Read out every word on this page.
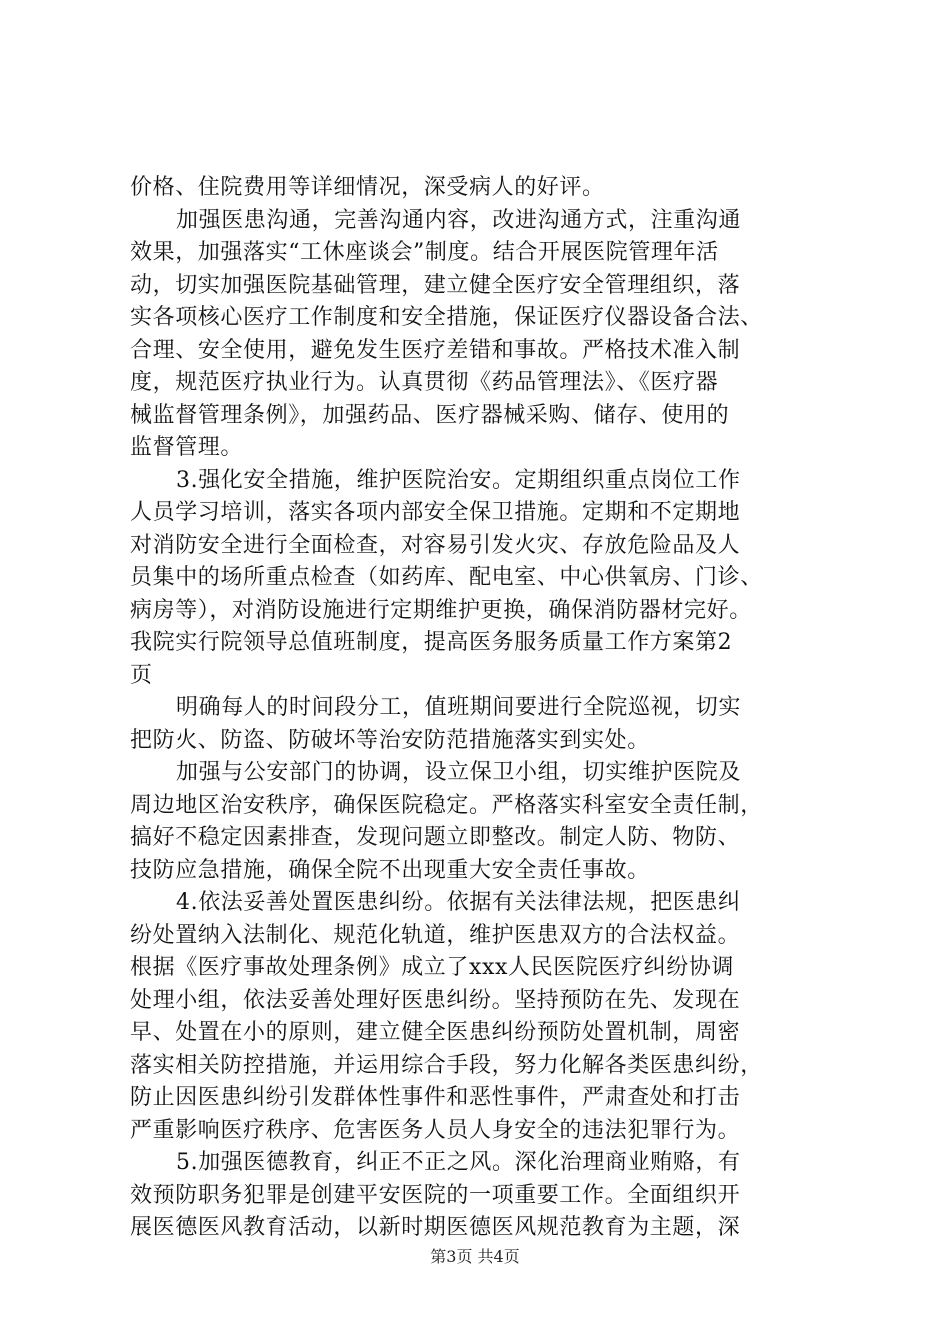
价格、住院费用等详细情况，深受病人的好评。
加强医患沟通，完善沟通内容，改进沟通方式，注重沟通
效果，加强落实“工休座谈会”制度。结合开展医院管理年活
动，切实加强医院基础管理，建立健全医疗安全管理组织，落
实各项核心医疗工作制度和安全措施，保证医疗仪器设备合法、
合理、安全使用，避免发生医疗差错和事故。严格技术准入制
度，规范医疗执业行为。认真贯彻《药品管理法》、《医疗器
械监督管理条例》，加强药品、医疗器械采购、储存、使用的
监督管理。
3.强化安全措施，维护医院治安。定期组织重点岗位工作
人员学习培训，落实各项内部安全保卫措施。定期和不定期地
对消防安全进行全面检查，对容易引发火灾、存放危险品及人
员集中的场所重点检查（如药库、配电室、中心供氧房、门诊、
病房等），对消防设施进行定期维护更换，确保消防器材完好。
我院实行院领导总值班制度，提高医务服务质量工作方案第2
页
明确每人的时间段分工，值班期间要进行全院巡视，切实
把防火、防盗、防破坏等治安防范措施落实到实处。
加强与公安部门的协调，设立保卫小组，切实维护医院及
周边地区治安秩序，确保医院稳定。严格落实科室安全责任制，
搞好不稳定因素排查，发现问题立即整改。制定人防、物防、
技防应急措施，确保全院不出现重大安全责任事故。
4.依法妥善处置医患纠纷。依据有关法律法规，把医患纠
纷处置纳入法制化、规范化轨道，维护医患双方的合法权益。
根据《医疗事故处理条例》成立了xxx人民医院医疗纠纷协调
处理小组，依法妥善处理好医患纠纷。坚持预防在先、发现在
早、处置在小的原则，建立健全医患纠纷预防处置机制，周密
落实相关防控措施，并运用综合手段，努力化解各类医患纠纷，
防止因医患纠纷引发群体性事件和恶性事件，严肃查处和打击
严重影响医疗秩序、危害医务人员人身安全的违法犯罪行为。
5.加强医德教育，纠正不正之风。深化治理商业贿赂，有
效预防职务犯罪是创建平安医院的一项重要工作。全面组织开
展医德医风教育活动，以新时期医德医风规范教育为主题，深
第3页 共4页
